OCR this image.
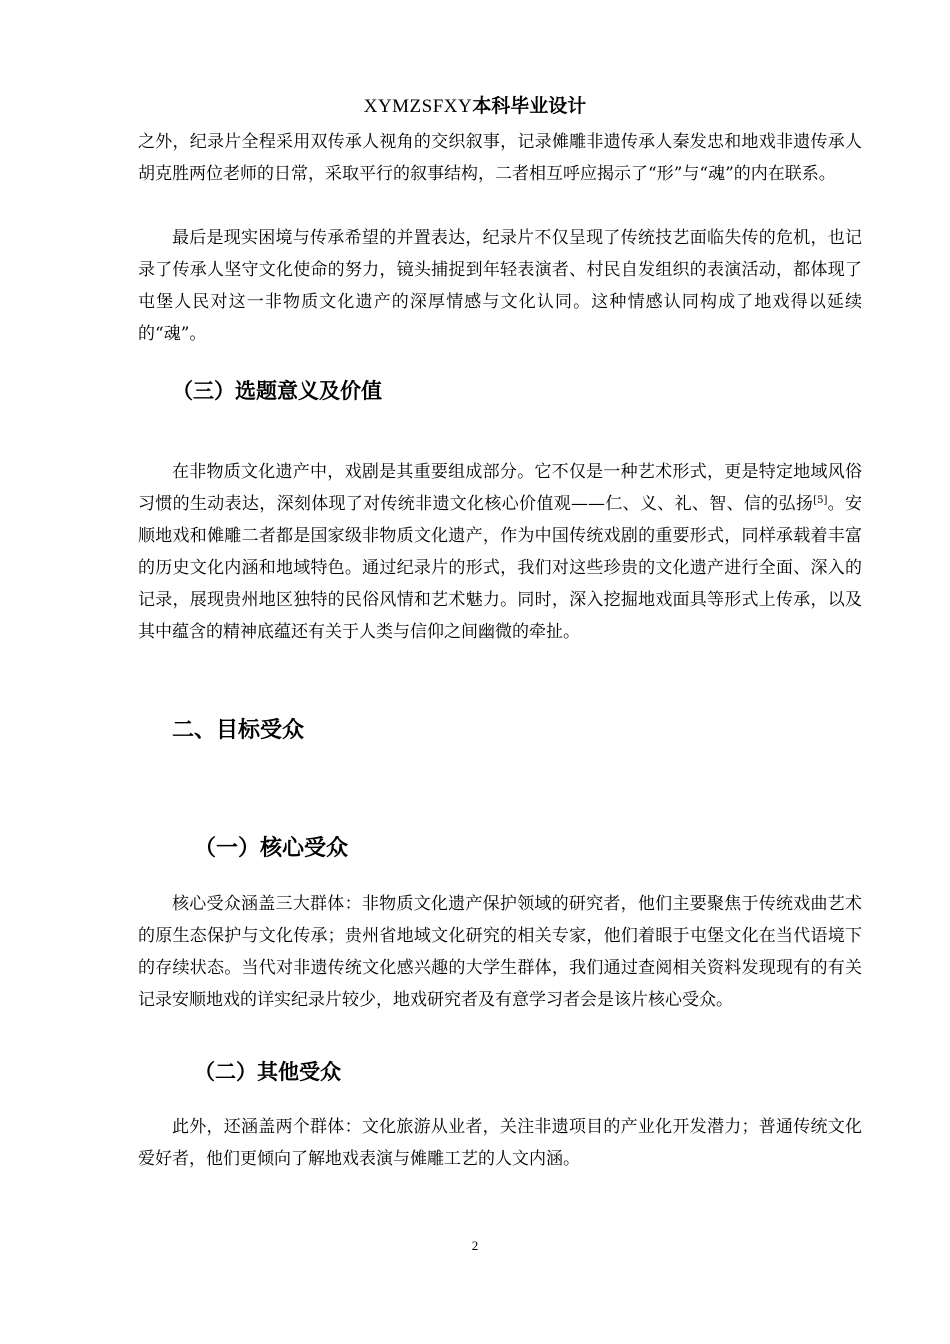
XYMZSFXY本科毕业设计

之外，纪录片全程采用双传承人视角的交织叙事，记录傩雕非遗传承人秦发忠和地戏非遗传承人胡克胜两位老师的日常，采取平行的叙事结构，二者相互呼应揭示了“形”与“魂”的内在联系。

最后是现实困境与传承希望的并置表达，纪录片不仅呈现了传统技艺面临失传的危机，也记录了传承人坚守文化使命的努力，镜头捕捉到年轻表演者、村民自发组织的表演活动，都体现了屯堡人民对这一非物质文化遗产的深厚情感与文化认同。这种情感认同构成了地戏得以延续的“魂”。

（三）选题意义及价值

在非物质文化遗产中，戏剧是其重要组成部分。它不仅是一种艺术形式，更是特定地域风俗习惯的生动表达，深刻体现了对传统非遗文化核心价值观——仁、义、礼、智、信的弘扬[5]。安顺地戏和傩雕二者都是国家级非物质文化遗产，作为中国传统戏剧的重要形式，同样承载着丰富的历史文化内涵和地域特色。通过纪录片的形式，我们对这些珍贵的文化遗产进行全面、深入的记录，展现贵州地区独特的民俗风情和艺术魅力。同时，深入挖掘地戏面具等形式上传承，以及其中蕴含的精神底蕴还有关于人类与信仰之间幽微的牵扯。

二、目标受众
（一）核心受众

核心受众涵盖三大群体：非物质文化遗产保护领域的研究者，他们主要聚焦于传统戏曲艺术的原生态保护与文化传承；贵州省地域文化研究的相关专家，他们着眼于屯堡文化在当代语境下的存续状态。当代对非遗传统文化感兴趣的大学生群体，我们通过查阅相关资料发现现有的有关记录安顺地戏的详实纪录片较少，地戏研究者及有意学习者会是该片核心受众。

（二）其他受众

此外，还涵盖两个群体：文化旅游从业者，关注非遗项目的产业化开发潜力；普通传统文化爱好者，他们更倾向了解地戏表演与傩雕工艺的人文内涵。

2
